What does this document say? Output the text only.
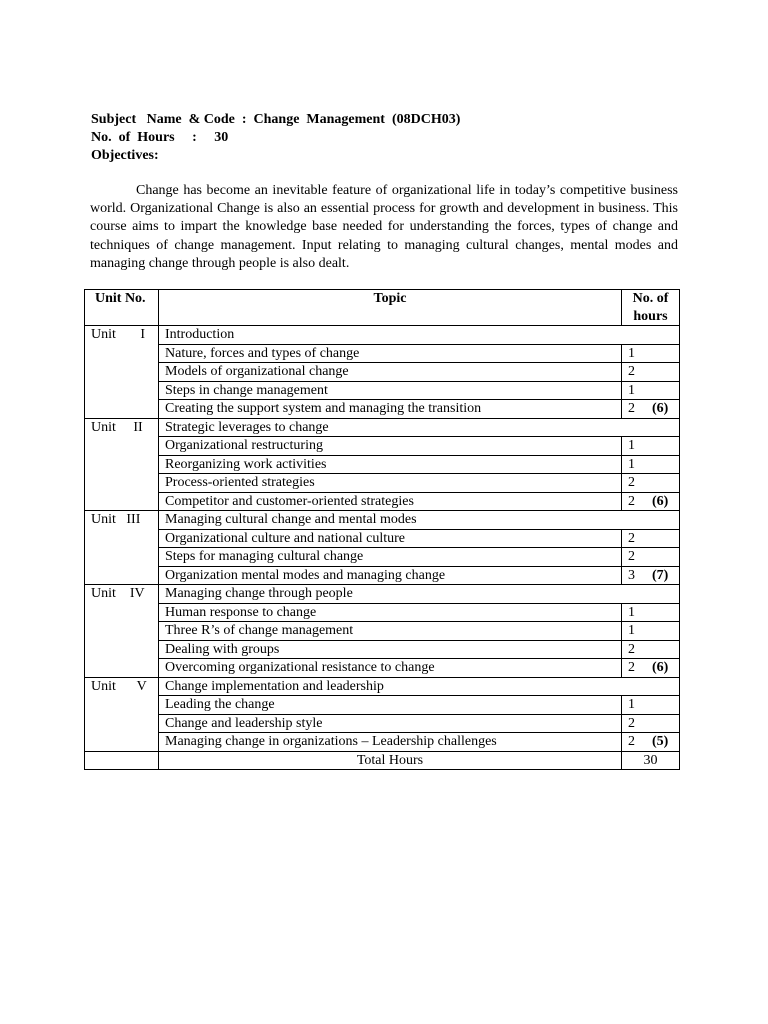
Subject   Name  & Code  :  Change  Management  (08DCH03)
No.  of  Hours     :     30
Objectives:
Change has become an inevitable feature of organizational life in today’s competitive business world. Organizational Change is also an essential process for growth and development in business. This course aims to impart the knowledge base needed for understanding the forces, types of change and techniques of change management. Input relating to managing cultural changes, mental modes and managing change through people is also dealt.
Unit No.	Topic	No. of hours
Unit       I	Introduction	
	Nature, forces and types of change	1
	Models of organizational change	2
	Steps in change management	1
	Creating the support system and managing the transition	2 (6)

Unit     II	Strategic leverages to change	
	Organizational restructuring	1
	Reorganizing work activities	1
	Process-oriented strategies	2
	Competitor and customer-oriented strategies	2 (6)

Unit   III	Managing cultural change and mental modes	
	Organizational culture and national culture	2
	Steps for managing cultural change	2
	Organization mental modes and managing change	3 (7)

Unit    IV	Managing change through people	
	Human response to change	1
	Three R’s of change management	1
	Dealing with groups	2
	Overcoming organizational resistance to change	2 (6)

Unit      V	Change implementation and leadership	
	Leading the change	1
	Change and leadership style	2
	Managing change in organizations – Leadership challenges	2 (5)

	Total Hours	30
